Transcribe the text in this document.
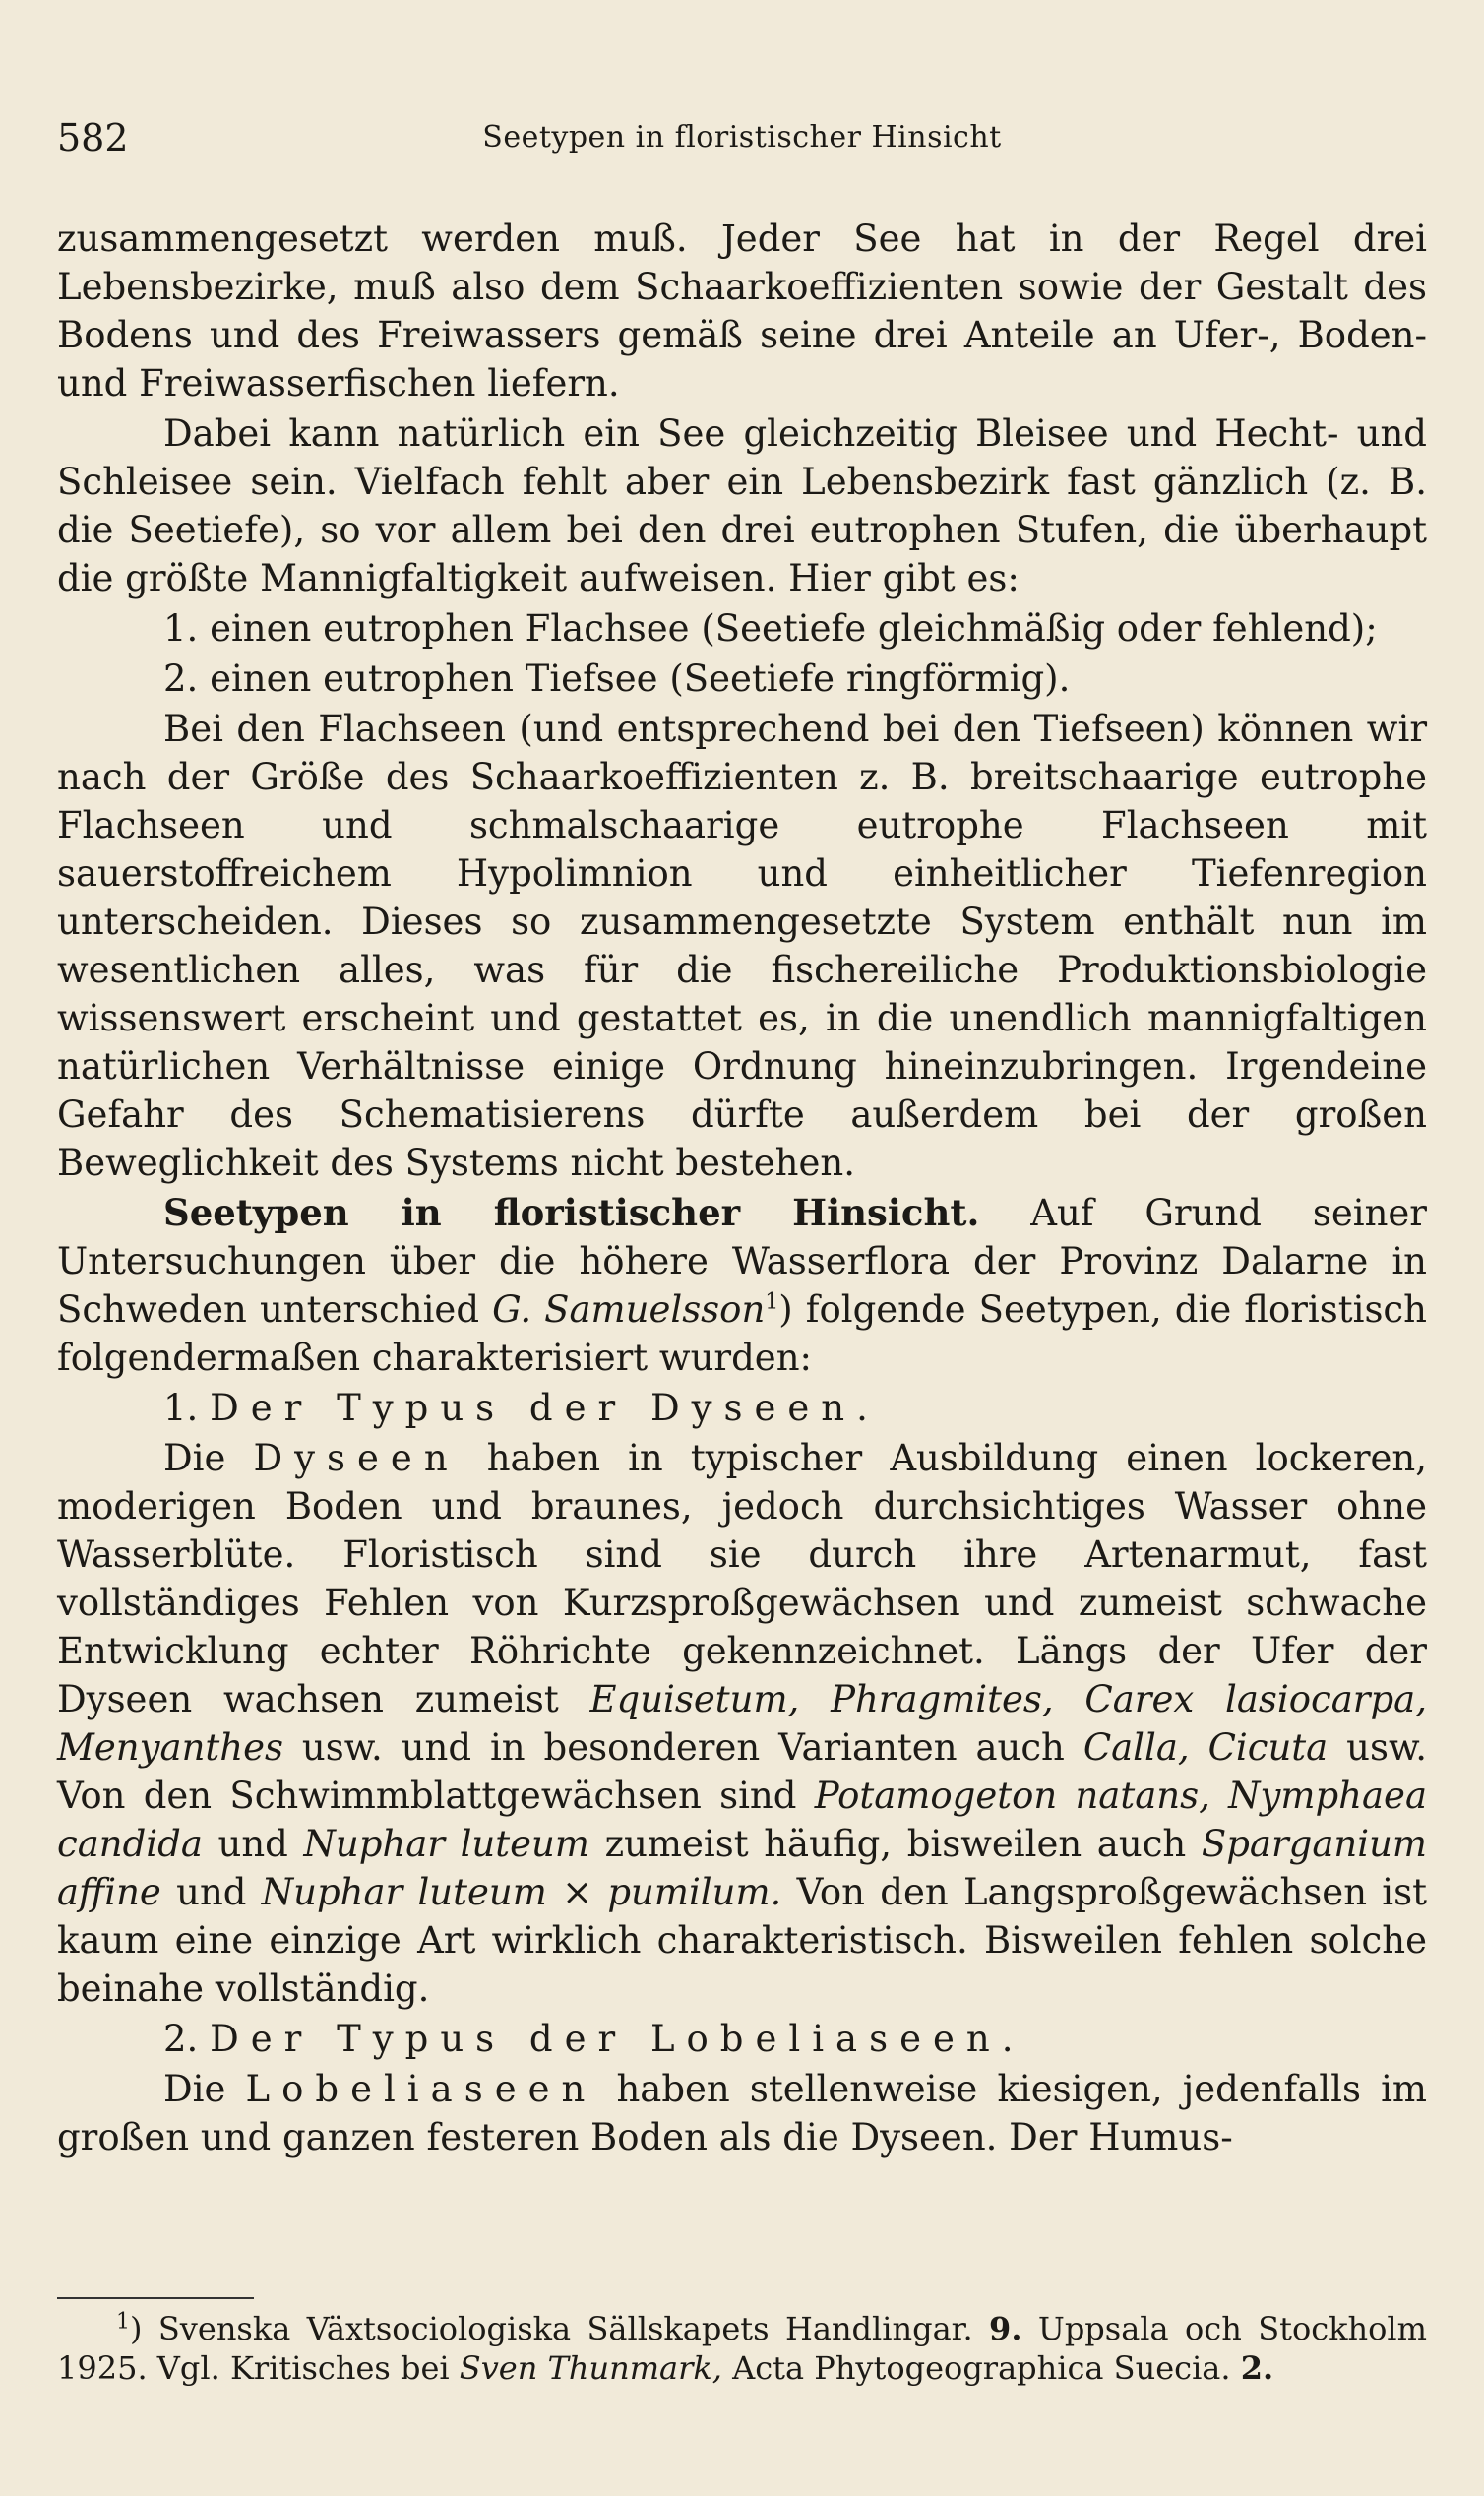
582	Seetypen in floristischer Hinsicht

zusammengesetzt werden muß. Jeder See hat in der Regel drei Lebensbezirke, muß also dem Schaarkoeffizienten sowie der Gestalt des Bodens und des Freiwassers gemäß seine drei Anteile an Ufer-, Boden- und Freiwasserfischen liefern.

Dabei kann natürlich ein See gleichzeitig Bleisee und Hecht- und Schleisee sein. Vielfach fehlt aber ein Lebensbezirk fast gänzlich (z. B. die Seetiefe), so vor allem bei den drei eutrophen Stufen, die überhaupt die größte Mannigfaltigkeit aufweisen. Hier gibt es:

1. einen eutrophen Flachsee (Seetiefe gleichmäßig oder fehlend);

2. einen eutrophen Tiefsee (Seetiefe ringförmig).

Bei den Flachseen (und entsprechend bei den Tiefseen) können wir nach der Größe des Schaarkoeffizienten z. B. breitschaarige eutrophe Flachseen und schmalschaarige eutrophe Flachseen mit sauerstoffreichem Hypolimnion und einheitlicher Tiefenregion unterscheiden. Dieses so zusammengesetzte System enthält nun im wesentlichen alles, was für die fischereiliche Produktionsbiologie wissenswert erscheint und gestattet es, in die unendlich mannigfaltigen natürlichen Verhältnisse einige Ordnung hineinzubringen. Irgendeine Gefahr des Schematisierens dürfte außerdem bei der großen Beweglichkeit des Systems nicht bestehen.

Seetypen in floristischer Hinsicht. Auf Grund seiner Untersuchungen über die höhere Wasserflora der Provinz Dalarne in Schweden unterschied G. Samuelsson$^1$) folgende Seetypen, die floristisch folgendermaßen charakterisiert wurden:

1. Der Typus der Dyseen.

Die Dyseen haben in typischer Ausbildung einen lockeren, moderigen Boden und braunes, jedoch durchsichtiges Wasser ohne Wasserblüte. Floristisch sind sie durch ihre Artenarmut, fast vollständiges Fehlen von Kurzsproßgewächsen und zumeist schwache Entwicklung echter Röhrichte gekennzeichnet. Längs der Ufer der Dyseen wachsen zumeist Equisetum, Phragmites, Carex lasiocarpa, Menyanthes usw. und in besonderen Varianten auch Calla, Cicuta usw. Von den Schwimmblattgewächsen sind Potamogeton natans, Nymphaea candida und Nuphar luteum zumeist häufig, bisweilen auch Sparganium affine und Nuphar luteum × pumilum. Von den Langsproßgewächsen ist kaum eine einzige Art wirklich charakteristisch. Bisweilen fehlen solche beinahe vollständig.

2. Der Typus der Lobeliaseen.

Die Lobeliaseen haben stellenweise kiesigen, jedenfalls im großen und ganzen festeren Boden als die Dyseen. Der Humus-

$^1$) Svenska Växtsociologiska Sällskapets Handlingar. 9. Uppsala och Stockholm 1925. Vgl. Kritisches bei Sven Thunmark, Acta Phytogeographica Suecia. 2.
